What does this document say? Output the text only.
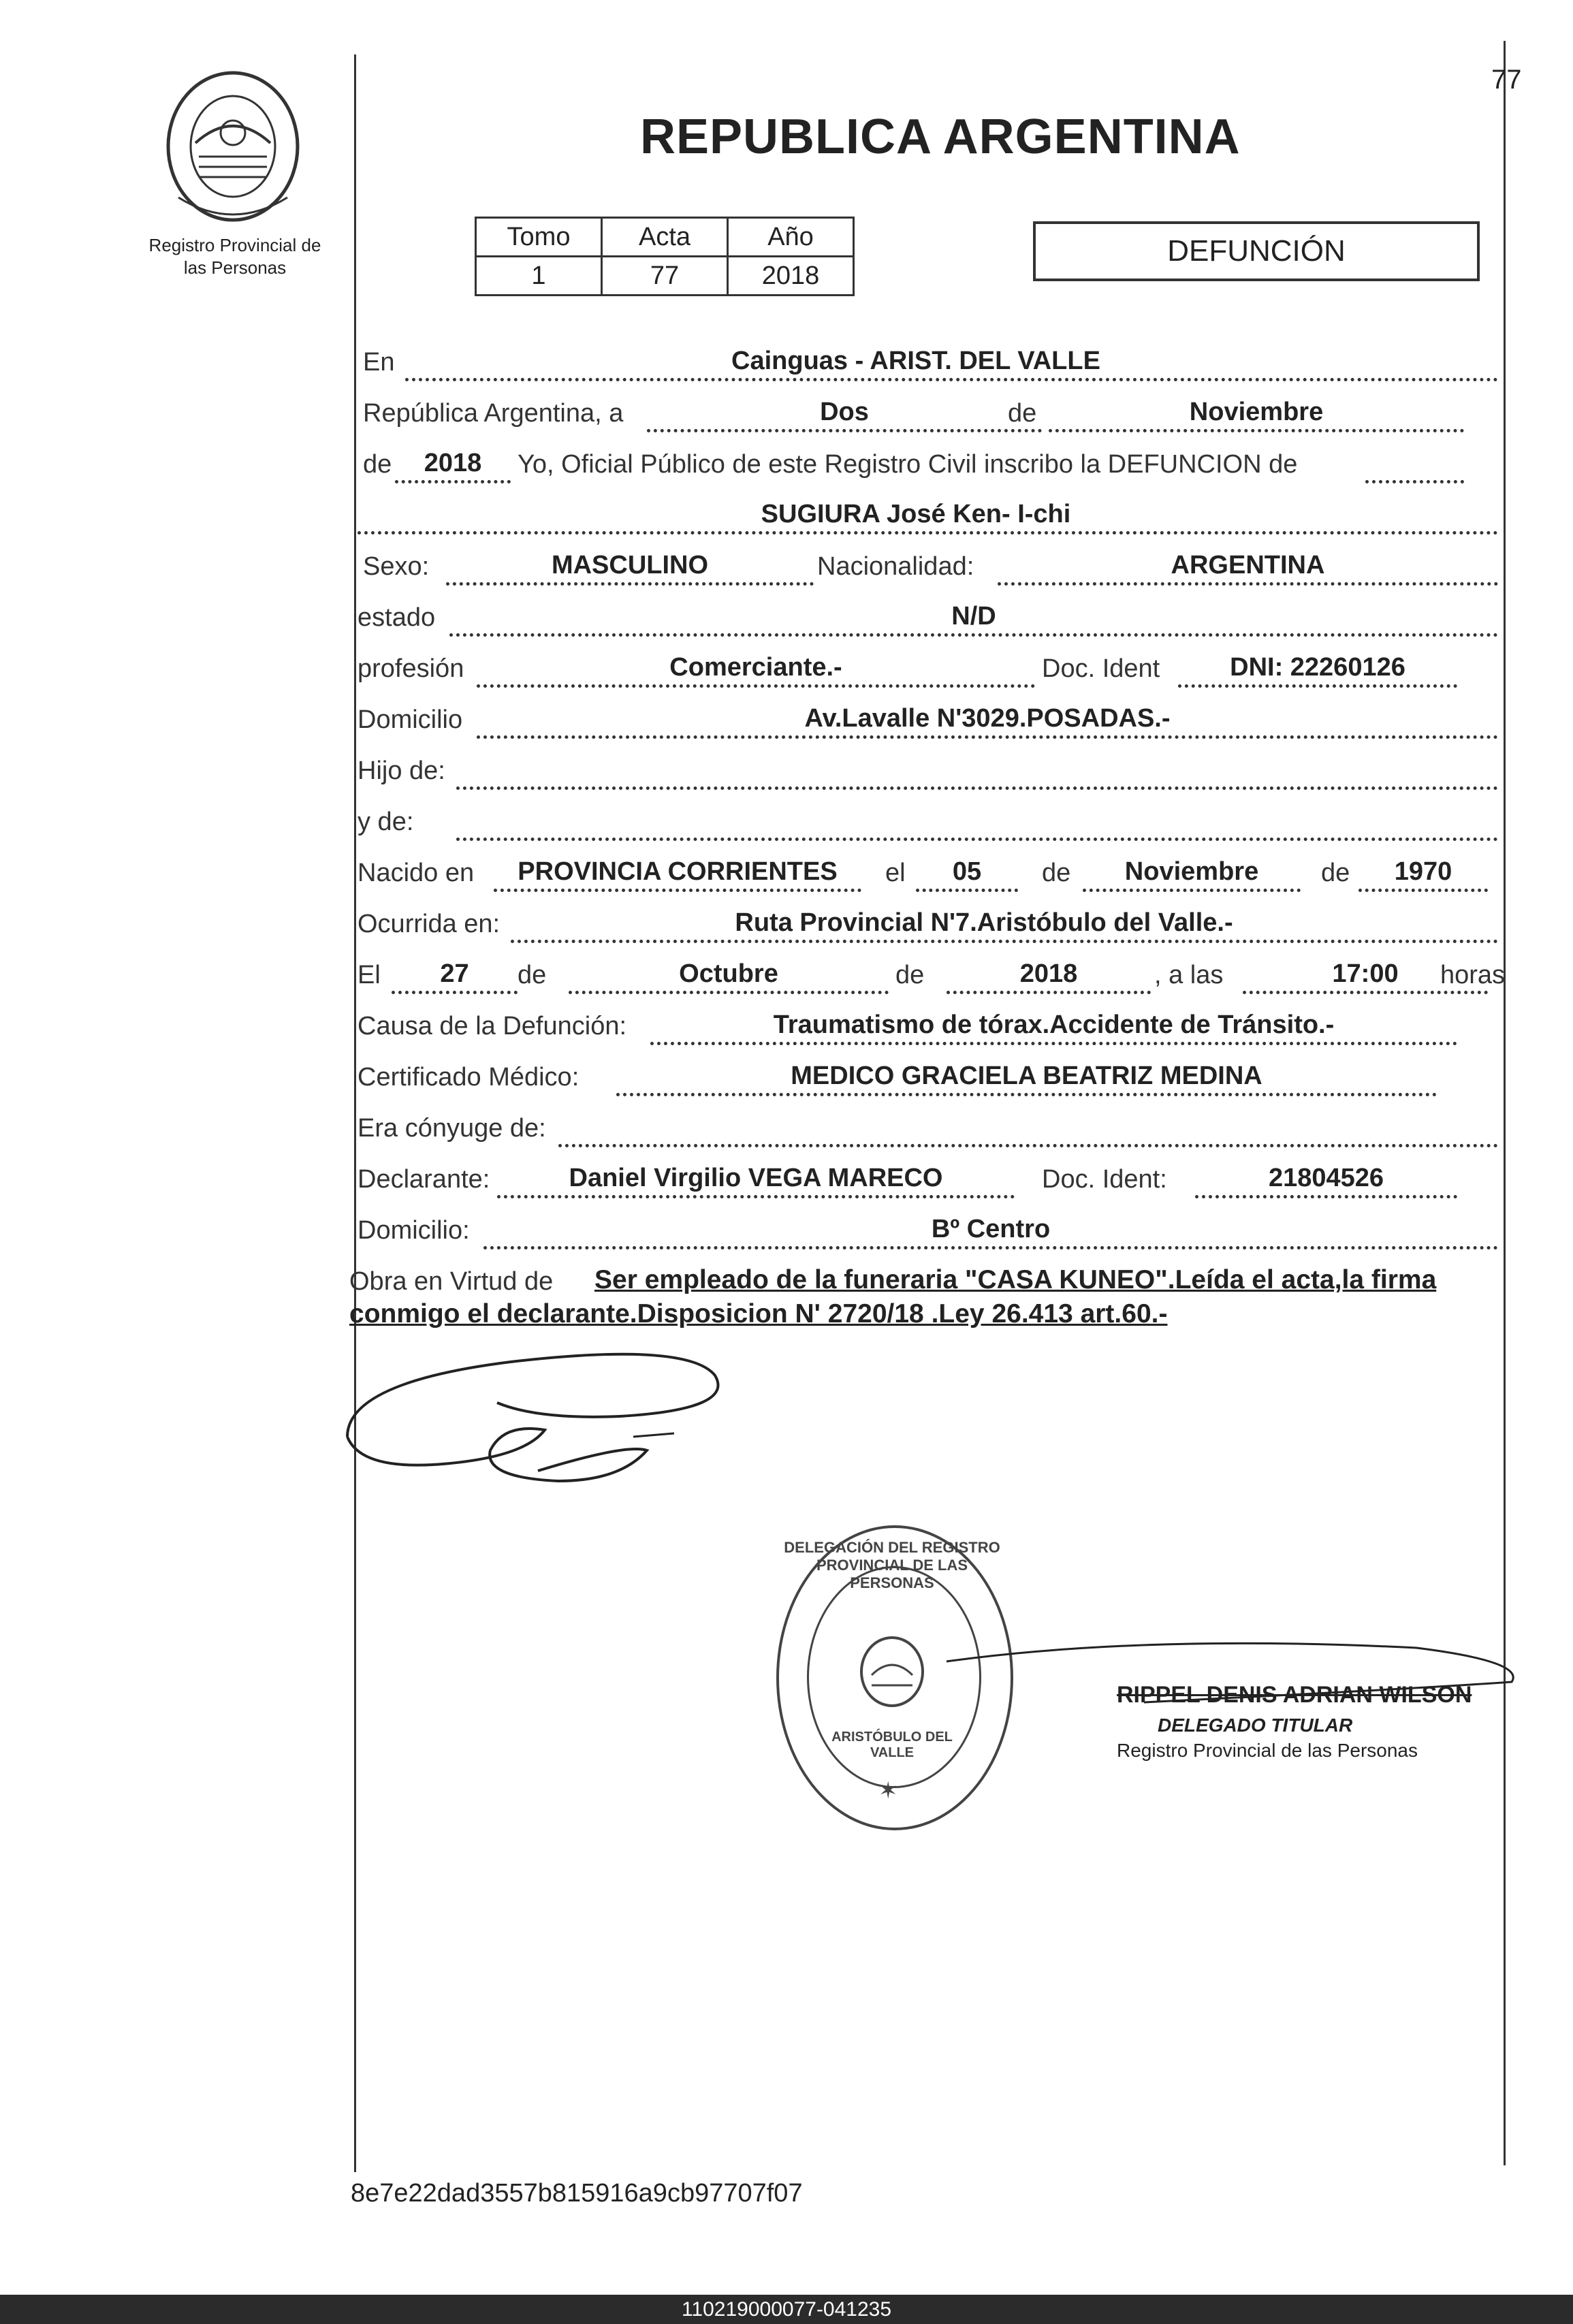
Registro Provincial de
las Personas
77
REPUBLICA ARGENTINA
Tomo	Acta	Año
1	77	2018
DEFUNCIÓN
En	Cainguas - ARIST. DEL VALLE
República Argentina, a	Dos	de	Noviembre
de	2018	Yo, Oficial Público de este Registro Civil inscribo la DEFUNCION de
SUGIURA José Ken- I-chi
Sexo:	MASCULINO	Nacionalidad:	ARGENTINA
estado	N/D
profesión	Comerciante.-	Doc. Ident	DNI: 22260126
Domicilio	Av.Lavalle N'3029.POSADAS.-
Hijo de:
y de:
Nacido en	PROVINCIA CORRIENTES	el	05	de	Noviembre	de	1970
Ocurrida en:	Ruta Provincial N'7.Aristóbulo del Valle.-
El	27	de	Octubre	de	2018	, a las	17:00	horas
Causa de la Defunción:	Traumatismo de tórax.Accidente de Tránsito.-
Certificado Médico:	MEDICO GRACIELA BEATRIZ MEDINA
Era cónyuge de:
Declarante:	Daniel Virgilio VEGA MARECO	Doc. Ident:	21804526
Domicilio:	Bº Centro
Obra en Virtud de Ser empleado de la funeraria "CASA KUNEO".Leída el acta,la firma
conmigo el declarante.Disposicion N' 2720/18 .Ley 26.413 art.60.-
DELEGACIÓN DEL REGISTRO PROVINCIAL DE LAS PERSONAS
ARISTÓBULO DEL VALLE
✶
RIPPEL DENIS ADRIAN WILSON
DELEGADO TITULAR
Registro Provincial de las Personas
8e7e22dad3557b815916a9cb97707f07
110219000077-041235
